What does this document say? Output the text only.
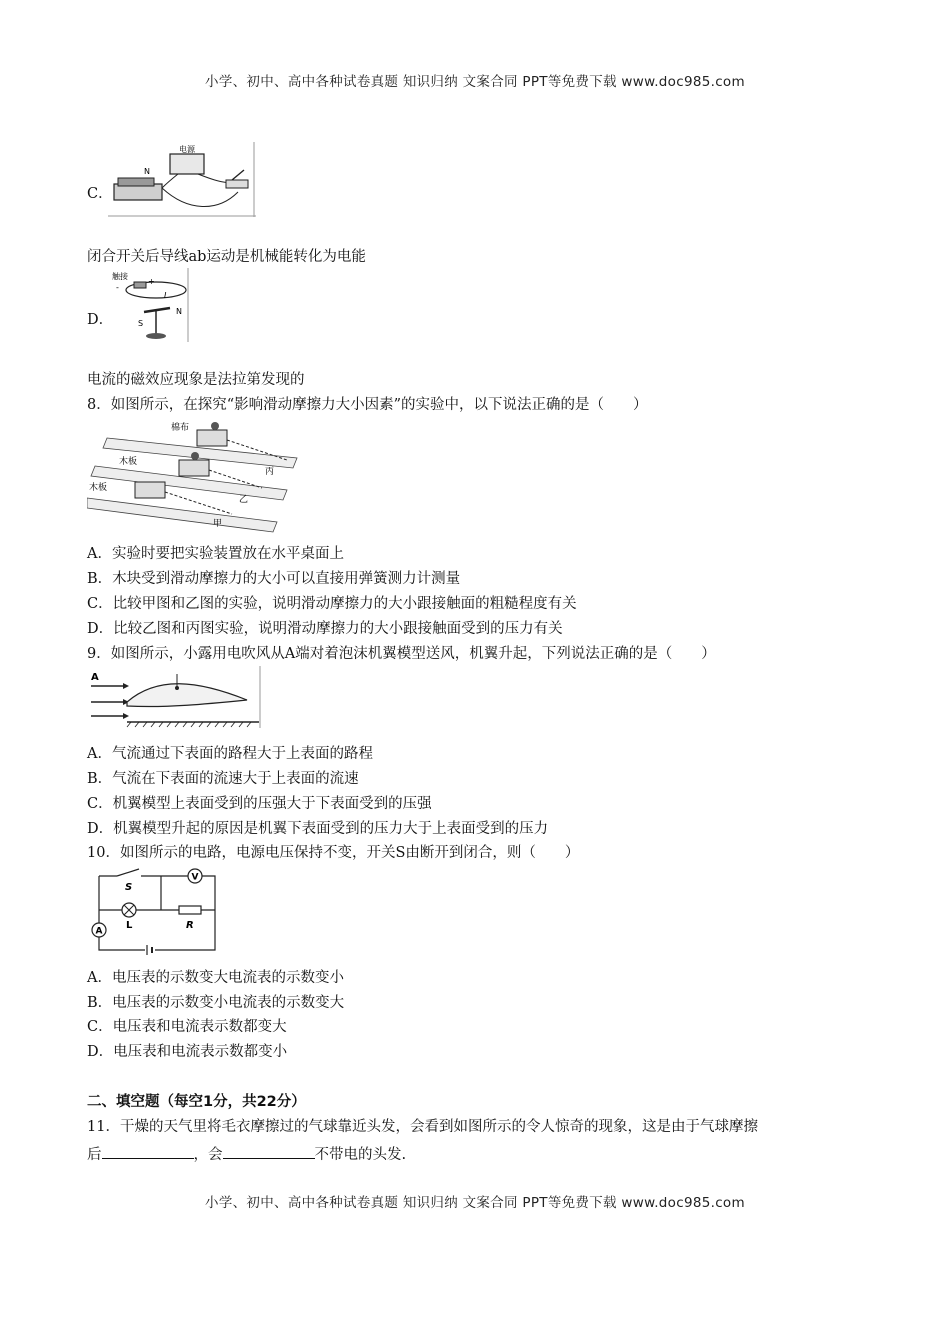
小学、初中、高中各种试卷真题 知识归纳 文案合同 PPT等免费下载 www.doc985.com
C．
电源
N
闭合开关后导线ab运动是机械能转化为电能
D．
触接
-
+
I
S
N
电流的磁效应现象是法拉第发现的
8．如图所示，在探究“影响滑动摩擦力大小因素”的实验中，以下说法正确的是（　　）
棉布
木板
木板
丙
乙
甲
A．实验时要把实验装置放在水平桌面上
B．木块受到滑动摩擦力的大小可以直接用弹簧测力计测量
C．比较甲图和乙图的实验，说明滑动摩擦力的大小跟接触面的粗糙程度有关
D．比较乙图和丙图实验，说明滑动摩擦力的大小跟接触面受到的压力有关
9．如图所示，小露用电吹风从A端对着泡沫机翼模型送风，机翼升起，下列说法正确的是（　　）
A
A．气流通过下表面的路程大于上表面的路程
B．气流在下表面的流速大于上表面的流速
C．机翼模型上表面受到的压强大于下表面受到的压强
D．机翼模型升起的原因是机翼下表面受到的压力大于上表面受到的压力
10．如图所示的电路，电源电压保持不变，开关S由断开到闭合，则（　　）
S
V
L	R
A
A．电压表的示数变大电流表的示数变小
B．电压表的示数变小电流表的示数变大
C．电压表和电流表示数都变大
D．电压表和电流表示数都变小
二、填空题（每空1分，共22分）
11．干燥的天气里将毛衣摩擦过的气球靠近头发，会看到如图所示的令人惊奇的现象，这是由于气球摩擦
后	，会	不带电的头发.
小学、初中、高中各种试卷真题 知识归纳 文案合同 PPT等免费下载 www.doc985.com
